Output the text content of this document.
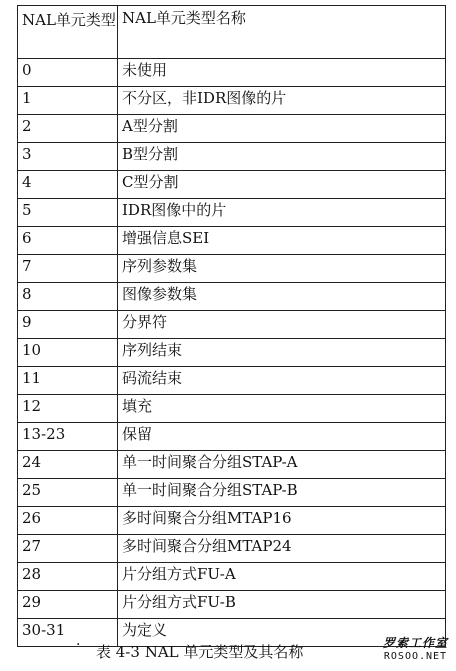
NAL单元类型	NAL单元类型名称
0	未使用
1	不分区，非IDR图像的片
2	A型分割
3	B型分割
4	C型分割
5	IDR图像中的片
6	增强信息SEI
7	序列参数集
8	图像参数集
9	分界符
10	序列结束
11	码流结束
12	填充
13-23	保留
24	单一时间聚合分组STAP-A
25	单一时间聚合分组STAP-B
26	多时间聚合分组MTAP16
27	多时间聚合分组MTAP24
28	片分组方式FU-A
29	片分组方式FU-B
30-31	为定义
· 表 4-3 NAL 单元类型及其名称	罗索工作室
ROSOO.NET
